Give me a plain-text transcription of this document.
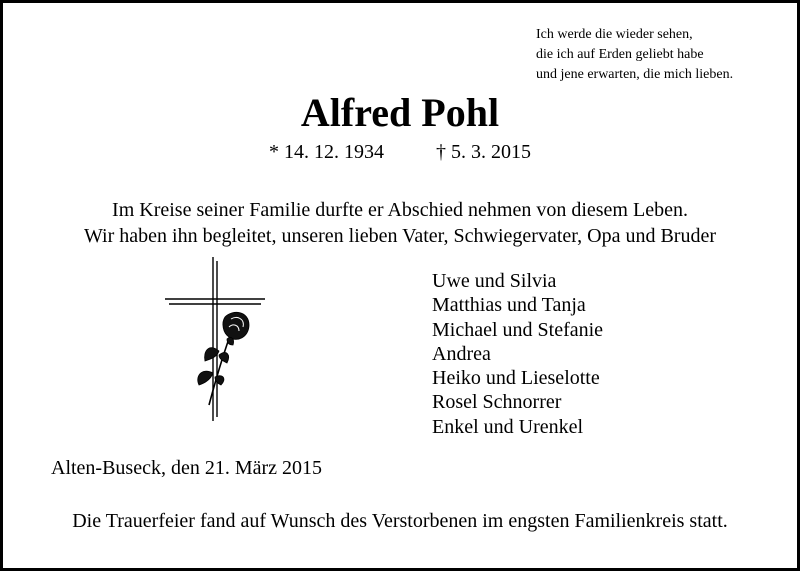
Ich werde die wieder sehen,
die ich auf Erden geliebt habe
und jene erwarten, die mich lieben.
Alfred Pohl
* 14. 12. 1934	† 5. 3. 2015
Im Kreise seiner Familie durfte er Abschied nehmen von diesem Leben.
Wir haben ihn begleitet, unseren lieben Vater, Schwiegervater, Opa und Bruder
Uwe und Silvia
Matthias und Tanja
Michael und Stefanie
Andrea
Heiko und Lieselotte
Rosel Schnorrer
Enkel und Urenkel
Alten-Buseck, den 21. März 2015
Die Trauerfeier fand auf Wunsch des Verstorbenen im engsten Familienkreis statt.
